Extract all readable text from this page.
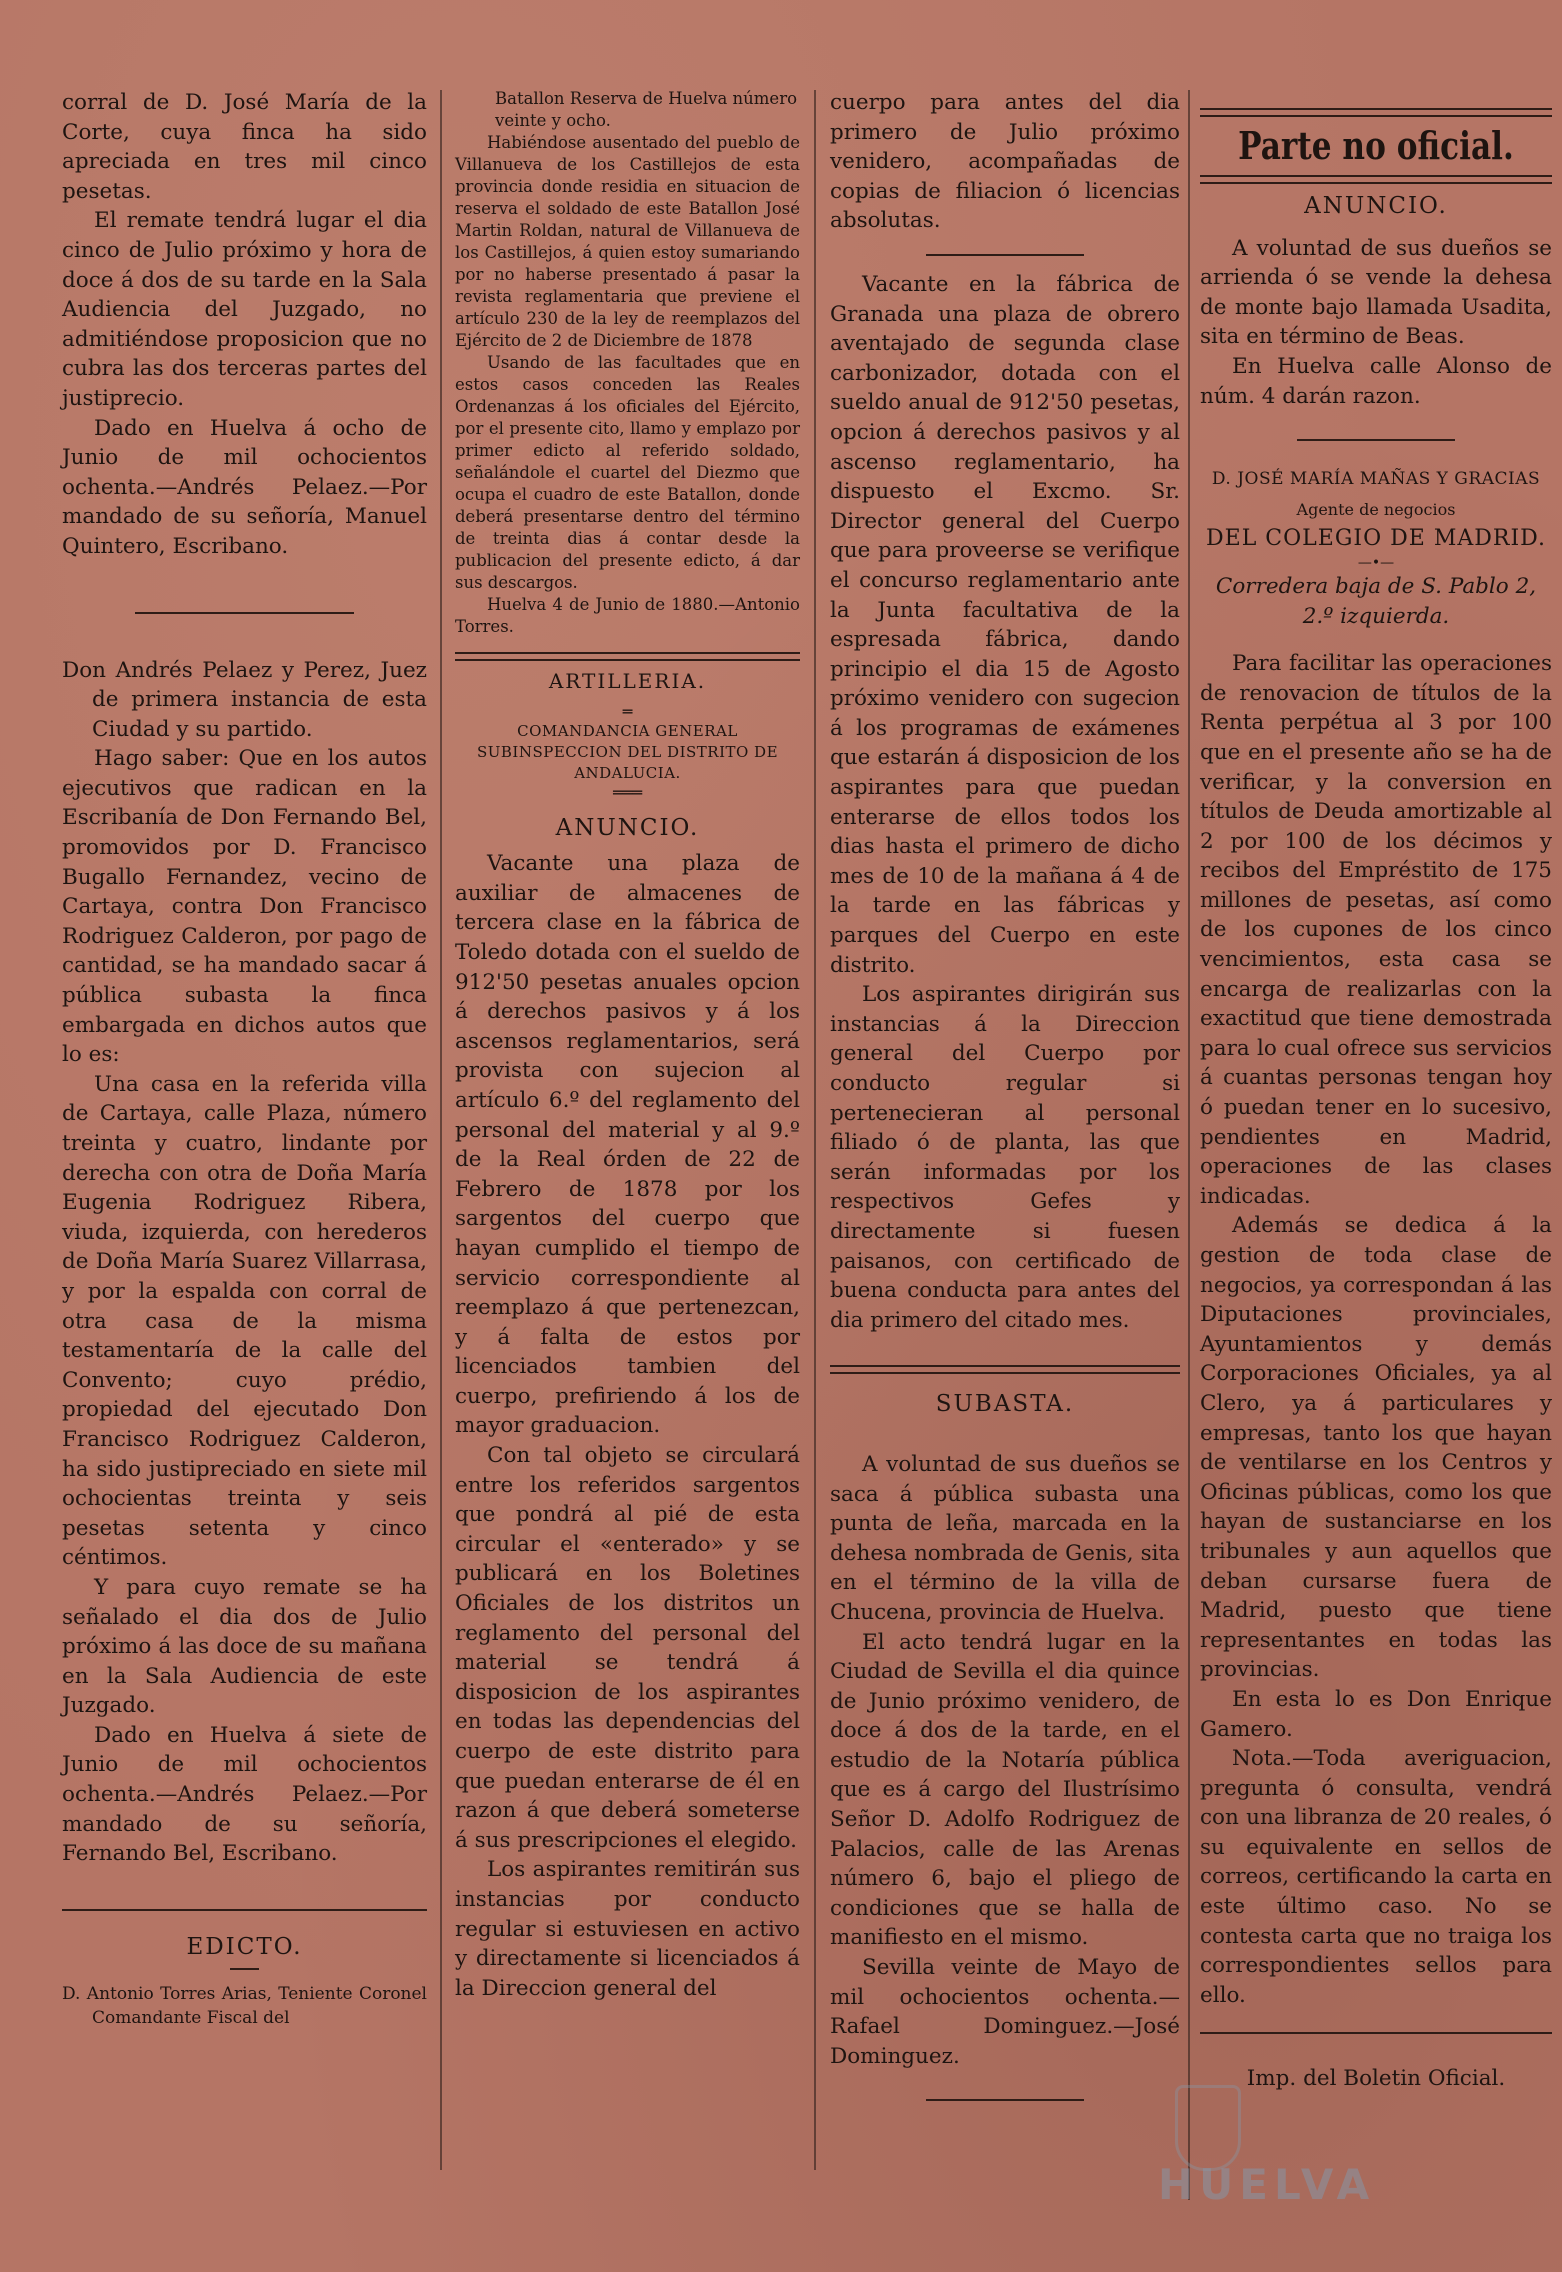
corral de D. José María de la Corte, cuya finca ha sido apreciada en tres mil cinco pesetas.

El remate tendrá lugar el dia cinco de Julio próximo y hora de doce á dos de su tarde en la Sala Audiencia del Juzgado, no admitiéndose proposicion que no cubra las dos terceras partes del justiprecio.

Dado en Huelva á ocho de Junio de mil ochocientos ochenta.—Andrés Pelaez.—Por mandado de su señoría, Manuel Quintero, Escribano.

Don Andrés Pelaez y Perez, Juez de primera instancia de esta Ciudad y su partido.

Hago saber: Que en los autos ejecutivos que radican en la Escribanía de Don Fernando Bel, promovidos por D. Francisco Bugallo Fernandez, vecino de Cartaya, contra Don Francisco Rodriguez Calderon, por pago de cantidad, se ha mandado sacar á pública subasta la finca embargada en dichos autos que lo es:

Una casa en la referida villa de Cartaya, calle Plaza, número treinta y cuatro, lindante por derecha con otra de Doña María Eugenia Rodriguez Ribera, viuda, izquierda, con herederos de Doña María Suarez Villarrasa, y por la espalda con corral de otra casa de la misma testamentaría de la calle del Convento; cuyo prédio, propiedad del ejecutado Don Francisco Rodriguez Calderon, ha sido justipreciado en siete mil ochocientas treinta y seis pesetas setenta y cinco céntimos.

Y para cuyo remate se ha señalado el dia dos de Julio próximo á las doce de su mañana en la Sala Audiencia de este Juzgado.

Dado en Huelva á siete de Junio de mil ochocientos ochenta.—Andrés Pelaez.—Por mandado de su señoría, Fernando Bel, Escribano.

EDICTO.

D. Antonio Torres Arias, Teniente Coronel Comandante Fiscal del

Batallon Reserva de Huelva número veinte y ocho.

Habiéndose ausentado del pueblo de Villanueva de los Castillejos de esta provincia donde residia en situacion de reserva el soldado de este Batallon José Martin Roldan, natural de Villanueva de los Castillejos, á quien estoy sumariando por no haberse presentado á pasar la revista reglamentaria que previene el artículo 230 de la ley de reemplazos del Ejército de 2 de Diciembre de 1878

Usando de las facultades que en estos casos conceden las Reales Ordenanzas á los oficiales del Ejército, por el presente cito, llamo y emplazo por primer edicto al referido soldado, señalándole el cuartel del Diezmo que ocupa el cuadro de este Batallon, donde deberá presentarse dentro del término de treinta dias á contar desde la publicacion del presente edicto, á dar sus descargos.

Huelva 4 de Junio de 1880.—Antonio Torres.

ARTILLERIA.
═
COMANDANCIA GENERAL SUBINSPECCION DEL DISTRITO DE ANDALUCIA.
═══
ANUNCIO.

Vacante una plaza de auxiliar de almacenes de tercera clase en la fábrica de Toledo dotada con el sueldo de 912'50 pesetas anuales opcion á derechos pasivos y á los ascensos reglamentarios, será provista con sujecion al artículo 6.º del reglamento del personal del material y al 9.º de la Real órden de 22 de Febrero de 1878 por los sargentos del cuerpo que hayan cumplido el tiempo de servicio correspondiente al reemplazo á que pertenezcan, y á falta de estos por licenciados tambien del cuerpo, prefiriendo á los de mayor graduacion.

Con tal objeto se circulará entre los referidos sargentos que pondrá al pié de esta circular el «enterado» y se publicará en los Boletines Oficiales de los distritos un reglamento del personal del material se tendrá á disposicion de los aspirantes en todas las dependencias del cuerpo de este distrito para que puedan enterarse de él en razon á que deberá someterse á sus prescripciones el elegido.

Los aspirantes remitirán sus instancias por conducto regular si estuviesen en activo y directamente si licenciados á la Direccion general del

cuerpo para antes del dia primero de Julio próximo venidero, acompañadas de copias de filiacion ó licencias absolutas.

Vacante en la fábrica de Granada una plaza de obrero aventajado de segunda clase carbonizador, dotada con el sueldo anual de 912'50 pesetas, opcion á derechos pasivos y al ascenso reglamentario, ha dispuesto el Excmo. Sr. Director general del Cuerpo que para proveerse se verifique el concurso reglamentario ante la Junta facultativa de la espresada fábrica, dando principio el dia 15 de Agosto próximo venidero con sugecion á los programas de exámenes que estarán á disposicion de los aspirantes para que puedan enterarse de ellos todos los dias hasta el primero de dicho mes de 10 de la mañana á 4 de la tarde en las fábricas y parques del Cuerpo en este distrito.

Los aspirantes dirigirán sus instancias á la Direccion general del Cuerpo por conducto regular si pertenecieran al personal filiado ó de planta, las que serán informadas por los respectivos Gefes y directamente si fuesen paisanos, con certificado de buena conducta para antes del dia primero del citado mes.

SUBASTA.

A voluntad de sus dueños se saca á pública subasta una punta de leña, marcada en la dehesa nombrada de Genis, sita en el término de la villa de Chucena, provincia de Huelva.

El acto tendrá lugar en la Ciudad de Sevilla el dia quince de Junio próximo venidero, de doce á dos de la tarde, en el estudio de la Notaría pública que es á cargo del Ilustrísimo Señor D. Adolfo Rodriguez de Palacios, calle de las Arenas número 6, bajo el pliego de condiciones que se halla de manifiesto en el mismo.

Sevilla veinte de Mayo de mil ochocientos ochenta.—Rafael Dominguez.—José Dominguez.

Parte no oficial.
ANUNCIO.

A voluntad de sus dueños se arrienda ó se vende la dehesa de monte bajo llamada Usadita, sita en término de Beas.

En Huelva calle Alonso de núm. 4 darán razon.

D. JOSÉ MARÍA MAÑAS Y GRACIAS
Agente de negocios
DEL COLEGIO DE MADRID.
—•—
Corredera baja de S. Pablo 2, 2.º izquierda.

Para facilitar las operaciones de renovacion de títulos de la Renta perpétua al 3 por 100 que en el presente año se ha de verificar, y la conversion en títulos de Deuda amortizable al 2 por 100 de los décimos y recibos del Empréstito de 175 millones de pesetas, así como de los cupones de los cinco vencimientos, esta casa se encarga de realizarlas con la exactitud que tiene demostrada para lo cual ofrece sus servicios á cuantas personas tengan hoy ó puedan tener en lo sucesivo, pendientes en Madrid, operaciones de las clases indicadas.

Además se dedica á la gestion de toda clase de negocios, ya correspondan á las Diputaciones provinciales, Ayuntamientos y demás Corporaciones Oficiales, ya al Clero, ya á particulares y empresas, tanto los que hayan de ventilarse en los Centros y Oficinas públicas, como los que hayan de sustanciarse en los tribunales y aun aquellos que deban cursarse fuera de Madrid, puesto que tiene representantes en todas las provincias.

En esta lo es Don Enrique Gamero.

Nota.—Toda averiguacion, pregunta ó consulta, vendrá con una libranza de 20 reales, ó su equivalente en sellos de correos, certificando la carta en este último caso. No se contesta carta que no traiga los correspondientes sellos para ello.

Imp. del Boletin Oficial.
HUELVA
